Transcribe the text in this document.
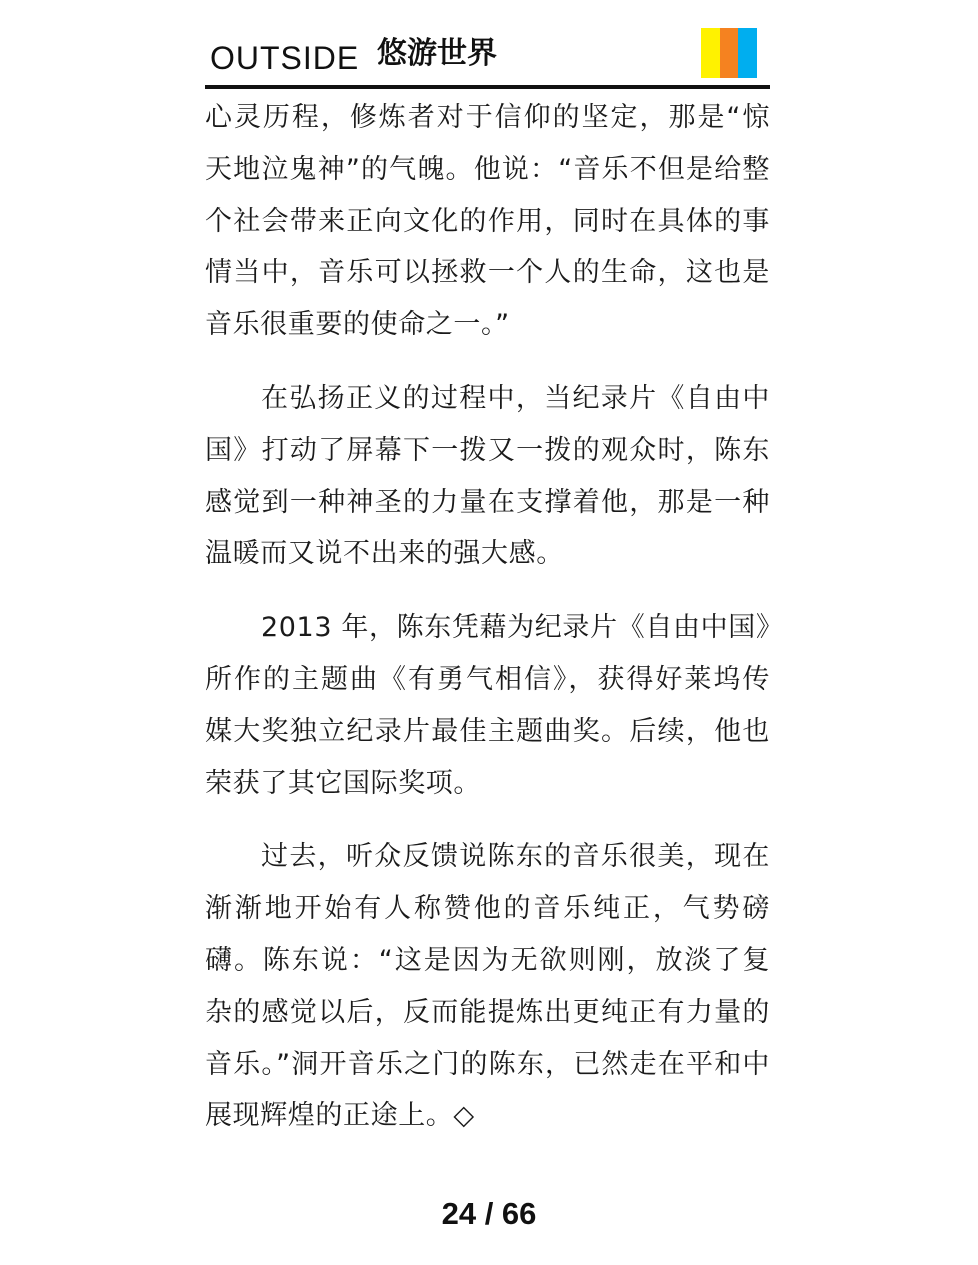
OUTSIDE 悠游世界

心灵历程，修炼者对于信仰的坚定，那是“惊天地泣鬼神”的气魄。他说：“音乐不但是给整个社会带来正向文化的作用，同时在具体的事情当中，音乐可以拯救一个人的生命，这也是音乐很重要的使命之一。”

在弘扬正义的过程中，当纪录片《自由中国》打动了屏幕下一拨又一拨的观众时，陈东感觉到一种神圣的力量在支撑着他，那是一种温暖而又说不出来的强大感。

2013 年，陈东凭藉为纪录片《自由中国》所作的主题曲《有勇气相信》，获得好莱坞传媒大奖独立纪录片最佳主题曲奖。后续，他也荣获了其它国际奖项。

过去，听众反馈说陈东的音乐很美，现在渐渐地开始有人称赞他的音乐纯正，气势磅礴。陈东说：“这是因为无欲则刚，放淡了复杂的感觉以后，反而能提炼出更纯正有力量的音乐。”洞开音乐之门的陈东，已然走在平和中展现辉煌的正途上。◇

24 / 66
